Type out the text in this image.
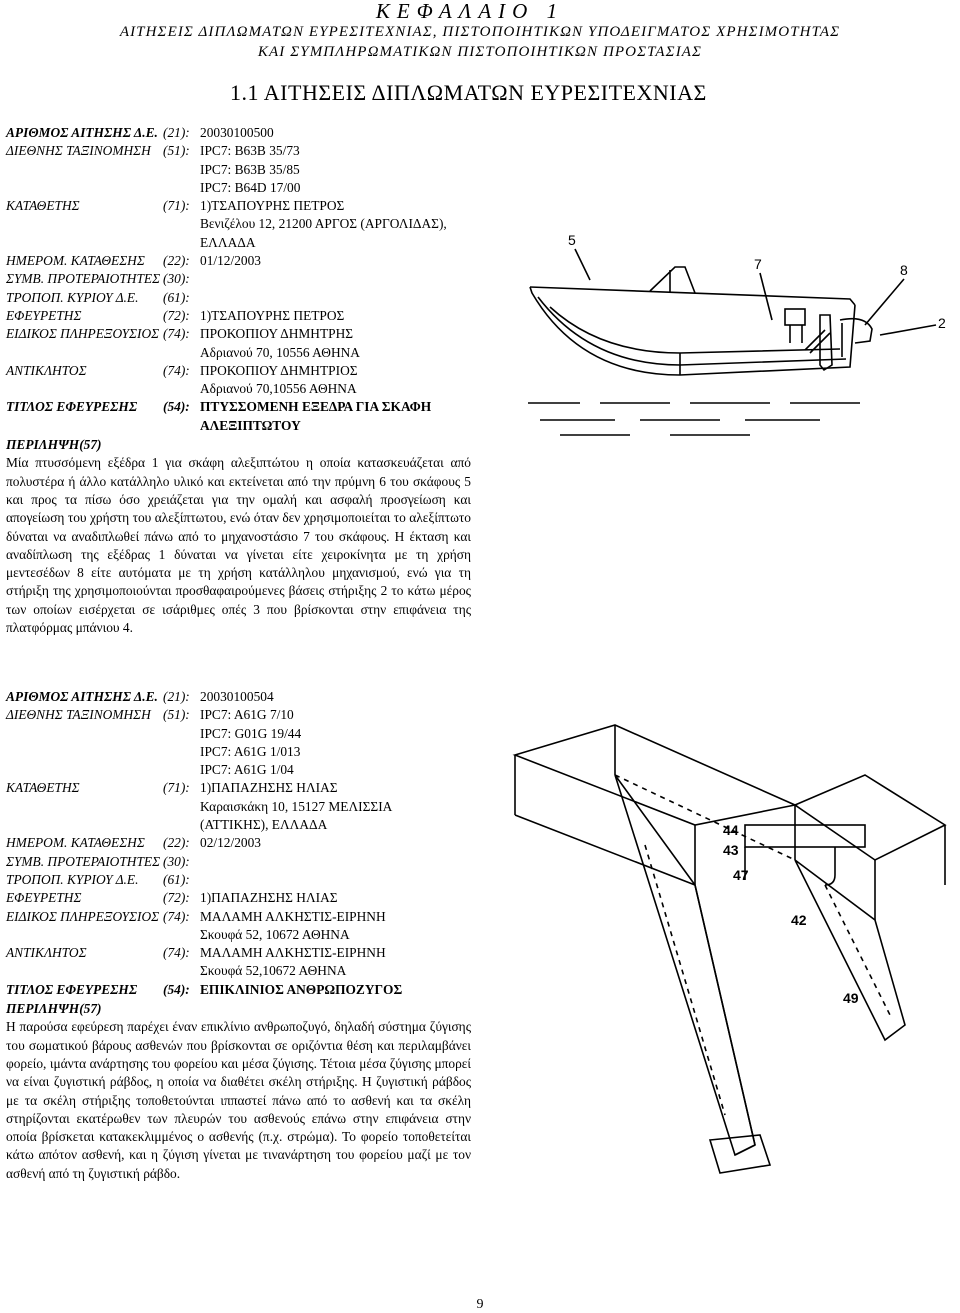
ΚΕΦΑΛΑΙΟ 1
ΑΙΤΗΣΕΙΣ ΔΙΠΛΩΜΑΤΩΝ ΕΥΡΕΣΙΤΕΧΝΙΑΣ, ΠΙΣΤΟΠΟΙΗΤΙΚΩΝ ΥΠΟΔΕΙΓΜΑΤΟΣ ΧΡΗΣΙΜΟΤΗΤΑΣ
ΚΑΙ ΣΥΜΠΛΗΡΩΜΑΤΙΚΩΝ ΠΙΣΤΟΠΟΙΗΤΙΚΩΝ ΠΡΟΣΤΑΣΙΑΣ
1.1 ΑΙΤΗΣΕΙΣ ΔΙΠΛΩΜΑΤΩΝ ΕΥΡΕΣΙΤΕΧΝΙΑΣ
ΑΡΙΘΜΟΣ ΑΙΤΗΣΗΣ Δ.Ε. (21): 20030100500
ΔΙΕΘΝΗΣ ΤΑΞΙΝΟΜΗΣΗ (51): IPC7: B63B 35/73
IPC7: B63B 35/85
IPC7: B64D 17/00
ΚΑΤΑΘΕΤΗΣ	(71): 1)ΤΣΑΠΟΥΡΗΣ ΠΕΤΡΟΣ
Βενιζέλου 12, 21200 ΑΡΓΟΣ (ΑΡΓΟΛΙΔΑΣ),
ΕΛΛΑΔΑ
ΗΜΕΡΟΜ. ΚΑΤΑΘΕΣΗΣ	(22): 01/12/2003
ΣΥΜΒ. ΠΡΟΤΕΡΑΙΟΤΗΤΕΣ (30):
ΤΡΟΠΟΠ. ΚΥΡΙΟΥ Δ.Ε.	(61):
ΕΦΕΥΡΕΤΗΣ	(72): 1)ΤΣΑΠΟΥΡΗΣ ΠΕΤΡΟΣ
ΕΙΔΙΚΟΣ ΠΛΗΡΕΞΟΥΣΙΟΣ (74): ΠΡΟΚΟΠΙΟΥ ΔΗΜΗΤΡΗΣ
Αδριανού 70, 10556 ΑΘΗΝΑ
ΑΝΤΙΚΛΗΤΟΣ	(74): ΠΡΟΚΟΠΙΟΥ ΔΗΜΗΤΡΙΟΣ
Αδριανού 70,10556 ΑΘΗΝΑ
ΤΙΤΛΟΣ ΕΦΕΥΡΕΣΗΣ	(54): ΠΤΥΣΣΟΜΕΝΗ ΕΞΕΔΡΑ ΓΙΑ ΣΚΑΦΗ
ΑΛΕΞΙΠΤΩΤΟΥ
ΠΕΡΙΛΗΨΗ(57)
Μία πτυσσόμενη εξέδρα 1 για σκάφη αλεξιπτώτου η οποία κατασκευάζεται από πολυστέρα ή άλλο κατάλληλο υλικό και εκτείνεται από την πρύμνη 6 του σκάφους 5 και προς τα πίσω όσο χρειάζεται για την ομαλή και ασφαλή προσγείωση και απογείωση του χρήστη του αλεξίπτωτου, ενώ όταν δεν χρησιμοποιείται το αλεξίπτωτο δύναται να αναδιπλωθεί πάνω από το μηχανοστάσιο 7 του σκάφους. Η έκταση και αναδίπλωση της εξέδρας 1 δύναται να γίνεται είτε χειροκίνητα με τη χρήση μεντεσέδων 8 είτε αυτόματα με τη χρήση κατάλληλου μηχανισμού, ενώ για τη στήριξη της χρησιμοποιούνται προσθαφαιρούμενες βάσεις στήριξης 2 το κάτω μέρος των οποίων εισέρχεται σε ισάριθμες οπές 3 που βρίσκονται στην επιφάνεια της πλατφόρμας μπάνιου 4.
ΑΡΙΘΜΟΣ ΑΙΤΗΣΗΣ Δ.Ε. (21): 20030100504
ΔΙΕΘΝΗΣ ΤΑΞΙΝΟΜΗΣΗ (51): IPC7: A61G 7/10
IPC7: G01G 19/44
IPC7: A61G 1/013
IPC7: A61G 1/04
ΚΑΤΑΘΕΤΗΣ	(71): 1)ΠΑΠΑΖΗΣΗΣ ΗΛΙΑΣ
Καραισκάκη 10, 15127 ΜΕΛΙΣΣΙΑ
(ΑΤΤΙΚΗΣ), ΕΛΛΑΔΑ
ΗΜΕΡΟΜ. ΚΑΤΑΘΕΣΗΣ	(22): 02/12/2003
ΣΥΜΒ. ΠΡΟΤΕΡΑΙΟΤΗΤΕΣ (30):
ΤΡΟΠΟΠ. ΚΥΡΙΟΥ Δ.Ε.	(61):
ΕΦΕΥΡΕΤΗΣ	(72): 1)ΠΑΠΑΖΗΣΗΣ ΗΛΙΑΣ
ΕΙΔΙΚΟΣ ΠΛΗΡΕΞΟΥΣΙΟΣ (74): ΜΑΛΑΜΗ ΑΛΚΗΣΤΙΣ-ΕΙΡΗΝΗ
Σκουφά 52, 10672 ΑΘΗΝΑ
ΑΝΤΙΚΛΗΤΟΣ	(74): ΜΑΛΑΜΗ ΑΛΚΗΣΤΙΣ-ΕΙΡΗΝΗ
Σκουφά 52,10672 ΑΘΗΝΑ
ΤΙΤΛΟΣ ΕΦΕΥΡΕΣΗΣ	(54): ΕΠΙΚΛΙΝΙΟΣ ΑΝΘΡΩΠΟΖΥΓΟΣ
ΠΕΡΙΛΗΨΗ(57)
Η παρούσα εφεύρεση παρέχει έναν επικλίνιο ανθρωποζυγό, δηλαδή σύστημα ζύγισης του σωματικού βάρους ασθενών που βρίσκονται σε οριζόντια θέση και περιλαμβάνει φορείο, ιμάντα ανάρτησης του φορείου και μέσα ζύγισης. Τέτοια μέσα ζύγισης μπορεί να είναι ζυγιστική ράβδος, η οποία να διαθέτει σκέλη στήριξης. Η ζυγιστική ράβδος με τα σκέλη στήριξης τοποθετούνται ιππαστεί πάνω από το ασθενή και τα σκέλη στηρίζονται εκατέρωθεν των πλευρών του ασθενούς επάνω στην επιφάνεια στην οποία βρίσκεται κατακεκλιμμένος ο ασθενής (π.χ. στρώμα). Το φορείο τοποθετείται κάτω απότον ασθενή, και η ζύγιση γίνεται με τινανάρτηση του φορείου μαζί με τον ασθενή από τη ζυγιστική ράβδο.
5
7	8
2
44
43
47
42
49
9
